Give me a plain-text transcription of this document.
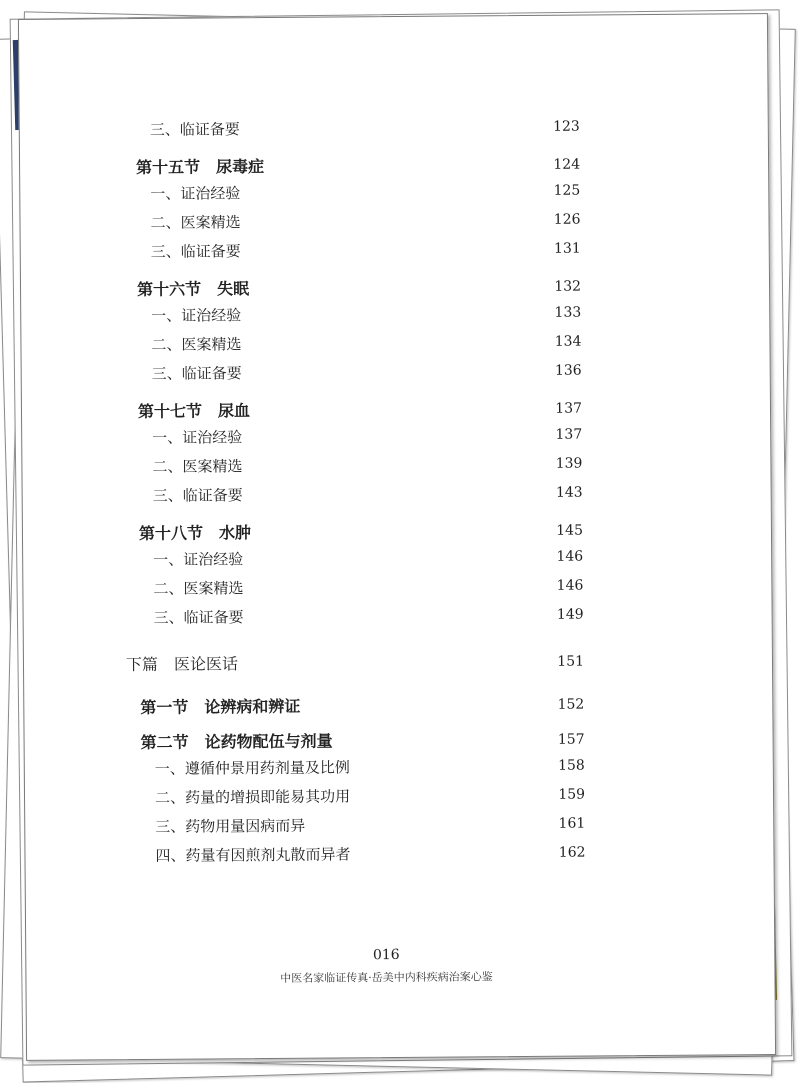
三、临证备要	123
第十五节　尿毒症	124
一、证治经验	125
二、医案精选	126
三、临证备要	131
第十六节　失眠	132
一、证治经验	133
二、医案精选	134
三、临证备要	136
第十七节　尿血	137
一、证治经验	137
二、医案精选	139
三、临证备要	143
第十八节　水肿	145
一、证治经验	146
二、医案精选	146
三、临证备要	149
下篇　医论医话	151
第一节　论辨病和辨证	152
第二节　论药物配伍与剂量	157
一、遵循仲景用药剂量及比例	158
二、药量的增损即能易其功用	159
三、药物用量因病而异	161
四、药量有因煎剂丸散而异者	162
016
中医名家临证传真·岳美中内科疾病治案心鉴
